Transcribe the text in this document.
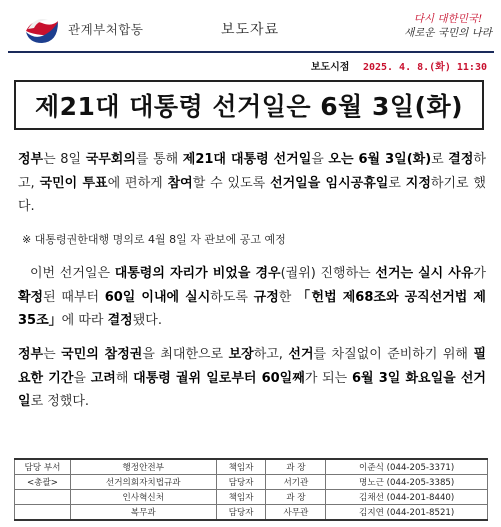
관계부처합동	보도자료
다시 대한민국!
새로운 국민의 나라
보도시점 2025. 4. 8.(화) 11:30
제21대 대통령 선거일은 6월 3일(화)
정부는 8일 국무회의를 통해 제21대 대통령 선거일을 오는 6월 3일(화)로 결정하고, 국민이 투표에 편하게 참여할 수 있도록 선거일을 임시공휴일로 지정하기로 했다.
※ 대통령권한대행 명의로 4월 8일 자 관보에 공고 예정
이번 선거일은 대통령의 자리가 비었을 경우(궐위) 진행하는 선거는 실시 사유가 확정된 때부터 60일 이내에 실시하도록 규정한 「헌법 제68조와 공직선거법 제35조」에 따라 결정됐다.
정부는 국민의 참정권을 최대한으로 보장하고, 선거를 차질없이 준비하기 위해 필요한 기간을 고려해 대통령 궐위 일로부터 60일째가 되는 6월 3일 화요일을 선거일로 정했다.
담당 부서	행정안전부	책임자	과 장	이준식 (044-205-3371)
<총괄>	선거의회자치법규과	담당자	서기관	명노근 (044-205-3385)
	인사혁신처	책임자	과 장	김채선 (044-201-8440)
	복무과	담당자	사무관	김지연 (044-201-8521)
